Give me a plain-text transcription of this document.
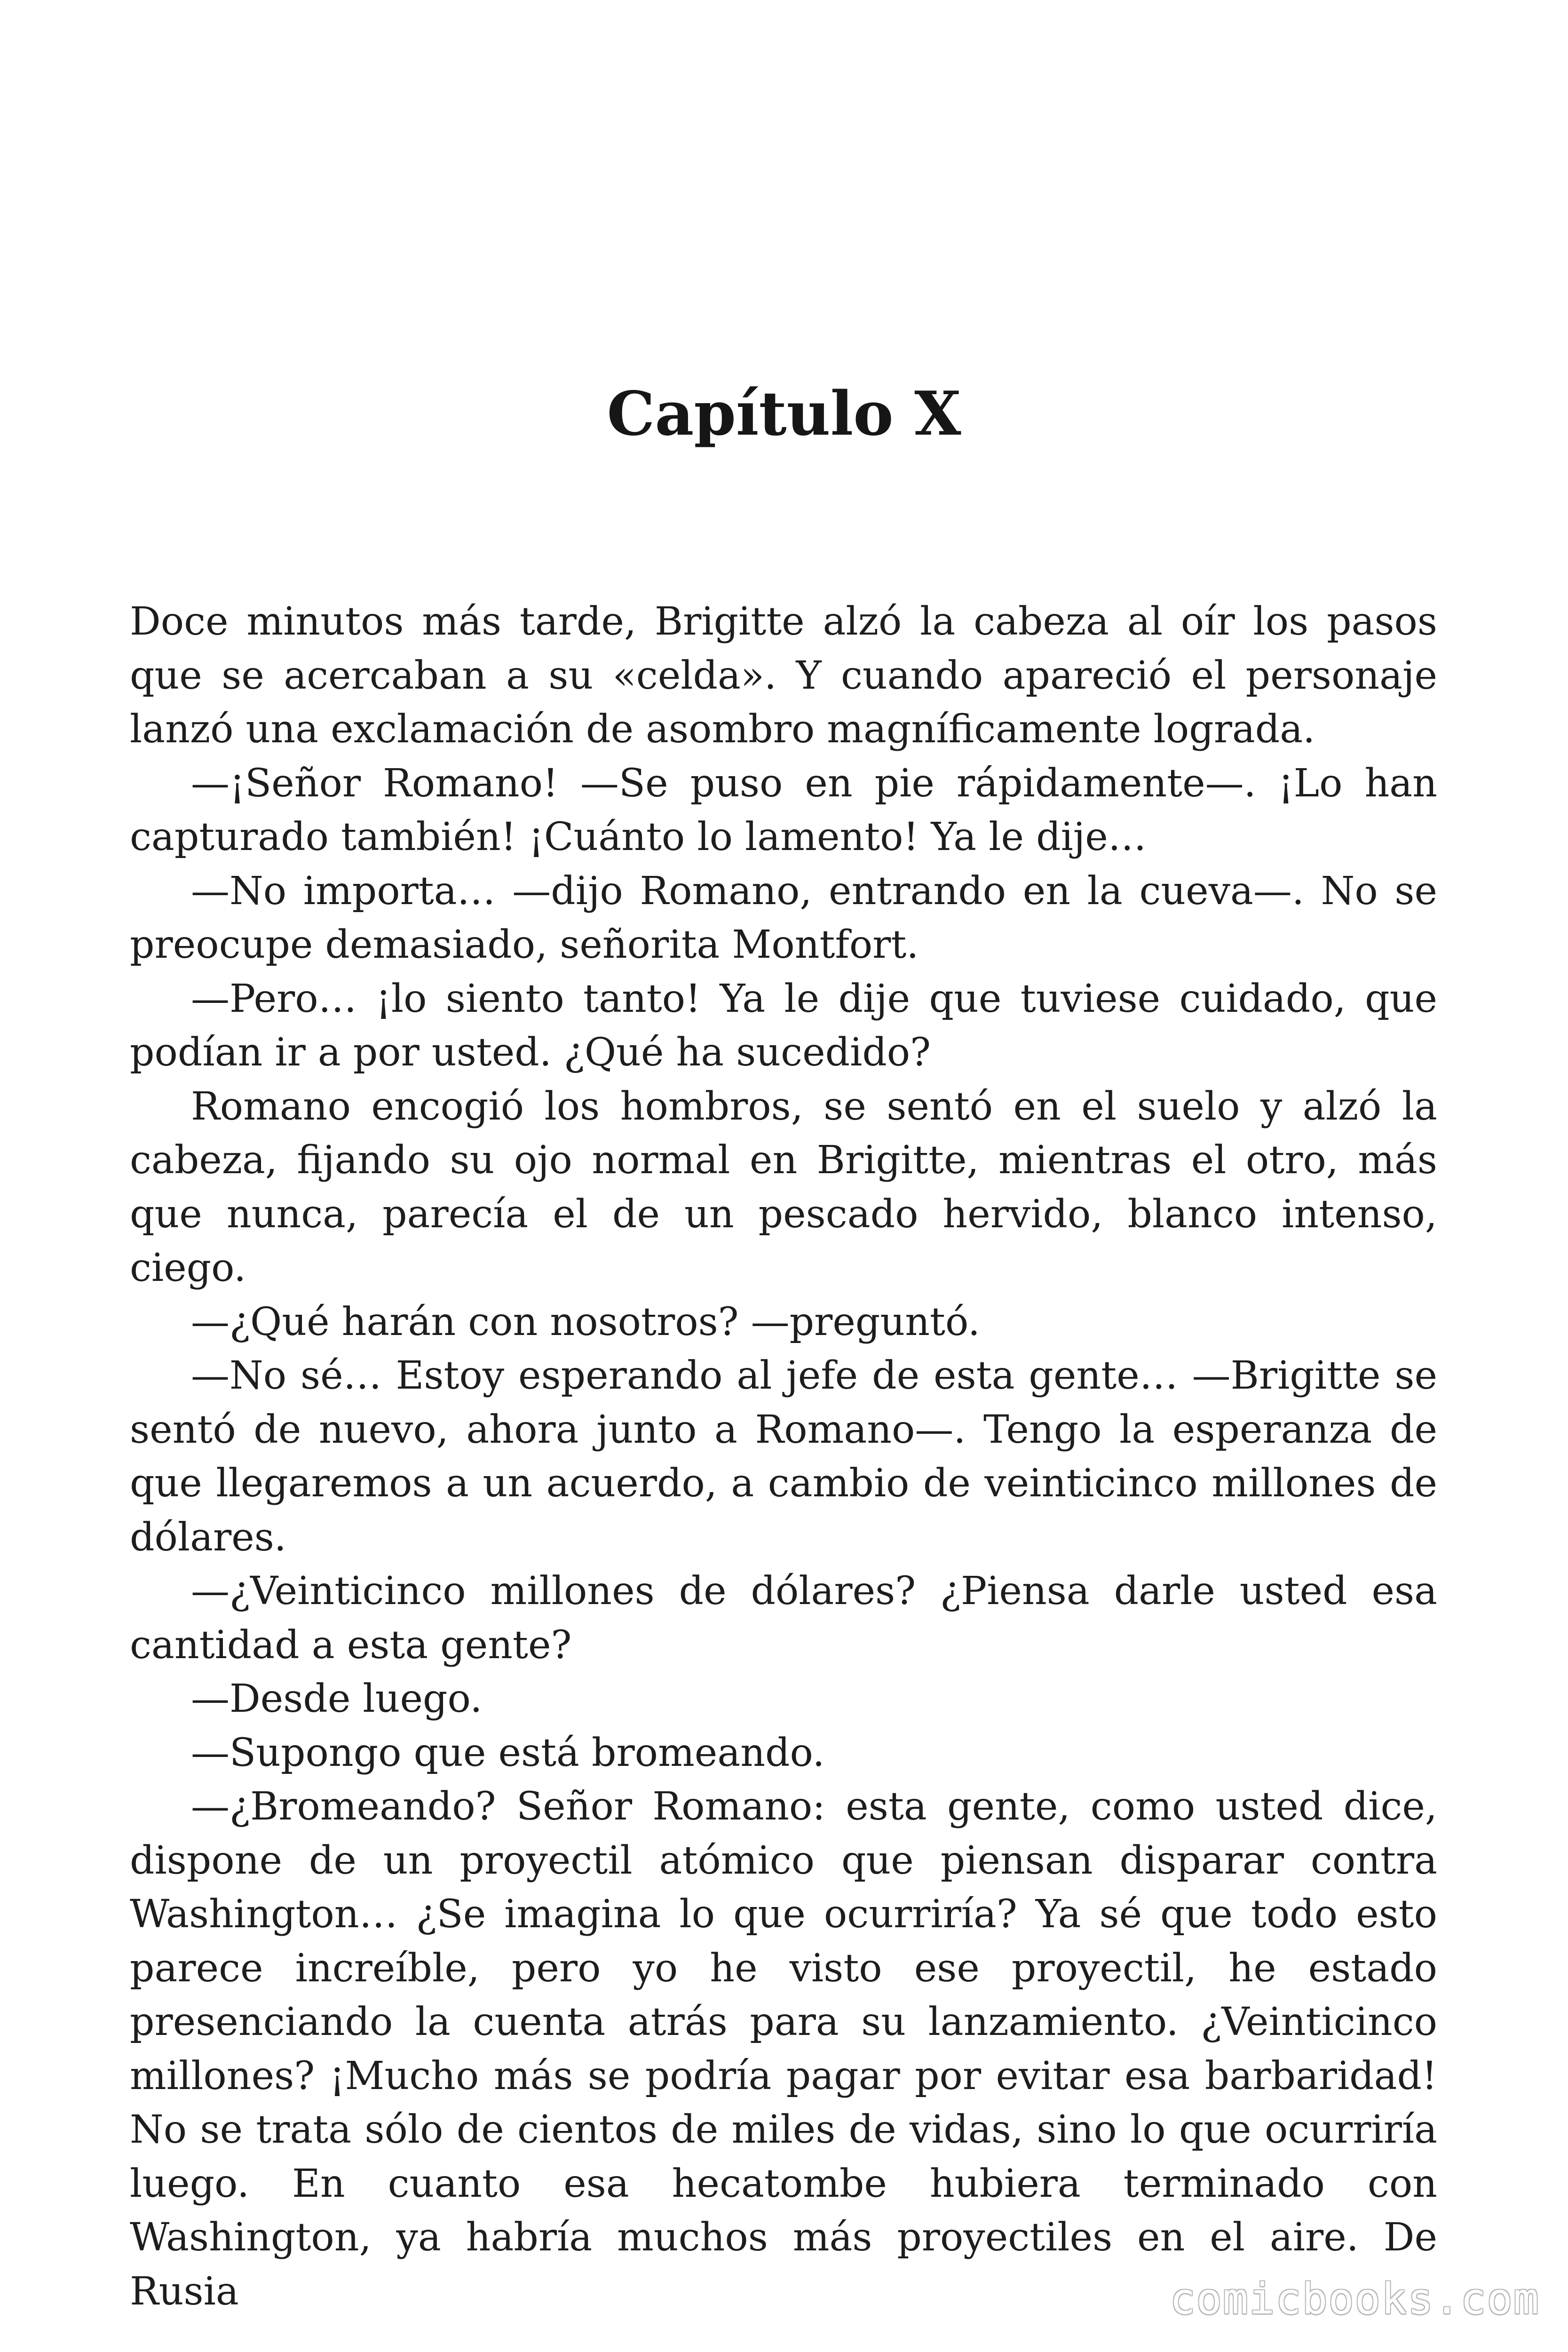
Capítulo X

Doce minutos más tarde, Brigitte alzó la cabeza al oír los pasos que se acercaban a su «celda». Y cuando apareció el personaje lanzó una exclamación de asombro magníficamente lograda.

—¡Señor Romano! —Se puso en pie rápidamente—. ¡Lo han capturado también! ¡Cuánto lo lamento! Ya le dije…

—No importa… —dijo Romano, entrando en la cueva—. No se preocupe demasiado, señorita Montfort.

—Pero… ¡lo siento tanto! Ya le dije que tuviese cuidado, que podían ir a por usted. ¿Qué ha sucedido?

Romano encogió los hombros, se sentó en el suelo y alzó la cabeza, fijando su ojo normal en Brigitte, mientras el otro, más que nunca, parecía el de un pescado hervido, blanco intenso, ciego.

—¿Qué harán con nosotros? —preguntó.

—No sé… Estoy esperando al jefe de esta gente… —Brigitte se sentó de nuevo, ahora junto a Romano—. Tengo la esperanza de que llegaremos a un acuerdo, a cambio de veinticinco millones de dólares.

—¿Veinticinco millones de dólares? ¿Piensa darle usted esa cantidad a esta gente?

—Desde luego.

—Supongo que está bromeando.

—¿Bromeando? Señor Romano: esta gente, como usted dice, dispone de un proyectil atómico que piensan disparar contra Washington… ¿Se imagina lo que ocurriría? Ya sé que todo esto parece increíble, pero yo he visto ese proyectil, he estado presenciando la cuenta atrás para su lanzamiento. ¿Veinticinco millones? ¡Mucho más se podría pagar por evitar esa barbaridad! No se trata sólo de cientos de miles de vidas, sino lo que ocurriría luego. En cuanto esa hecatombe hubiera terminado con Washington, ya habría muchos más proyectiles en el aire. De Rusia	comicbooks.com
